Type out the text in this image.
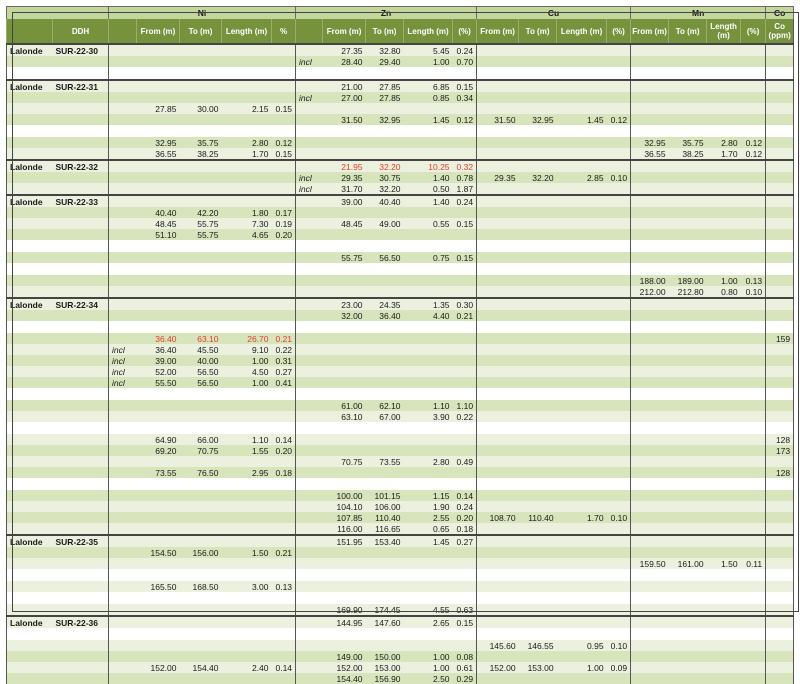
		Ni					Zn					Cu				Mn				Co
	DDH		From (m)	To (m)	Length (m)	%		From (m)	To (m)	Length (m)	(%)	From (m)	To (m)	Length (m)	(%)	From (m)	To (m)	Length (m)	(%)	Co (ppm)
Lalonde	SUR-22-30							27.35	32.80	5.45	0.24									
							incl	28.40	29.40	1.00	0.70									

Lalonde	SUR-22-31							21.00	27.85	6.85	0.15									
							incl	27.00	27.85	0.85	0.34									
			27.85	30.00	2.15	0.15														
								31.50	32.95	1.45	0.12	31.50	32.95	1.45	0.12					

			32.95	35.75	2.80	0.12										32.95	35.75	2.80	0.12	
			36.55	38.25	1.70	0.15										36.55	38.25	1.70	0.12	
Lalonde	SUR-22-32							21.95	32.20	10.25	0.32									
							incl	29.35	30.75	1.40	0.78	29.35	32.20	2.85	0.10					
							incl	31.70	32.20	0.50	1.87									
Lalonde	SUR-22-33							39.00	40.40	1.40	0.24									
			40.40	42.20	1.80	0.17														
			48.45	55.75	7.30	0.19		48.45	49.00	0.55	0.15									
			51.10	55.75	4.65	0.20														

								55.75	56.50	0.75	0.15									

																188.00	189.00	1.00	0.13	
																212.00	212.80	0.80	0.10	
Lalonde	SUR-22-34							23.00	24.35	1.35	0.30									
								32.00	36.40	4.40	0.21									

			36.40	63.10	26.70	0.21														159
		incl	36.40	45.50	9.10	0.22														
		incl	39.00	40.00	1.00	0.31														
		incl	52.00	56.50	4.50	0.27														
		incl	55.50	56.50	1.00	0.41														

								61.00	62.10	1.10	1.10									
								63.10	67.00	3.90	0.22									

			64.90	66.00	1.10	0.14														128
			69.20	70.75	1.55	0.20														173
								70.75	73.55	2.80	0.49									
			73.55	76.50	2.95	0.18														128

								100.00	101.15	1.15	0.14									
								104.10	106.00	1.90	0.24									
								107.85	110.40	2.55	0.20	108.70	110.40	1.70	0.10					
								116.00	116.65	0.65	0.18									
Lalonde	SUR-22-35							151.95	153.40	1.45	0.27									
			154.50	156.00	1.50	0.21														
																159.50	161.00	1.50	0.11	

			165.50	168.50	3.00	0.13														

								169.90	174.45	4.55	0.63									
Lalonde	SUR-22-36							144.95	147.60	2.65	0.15									

												145.60	146.55	0.95	0.10					
								149.00	150.00	1.00	0.08									
			152.00	154.40	2.40	0.14		152.00	153.00	1.00	0.61	152.00	153.00	1.00	0.09					
								154.40	156.90	2.50	0.29									
